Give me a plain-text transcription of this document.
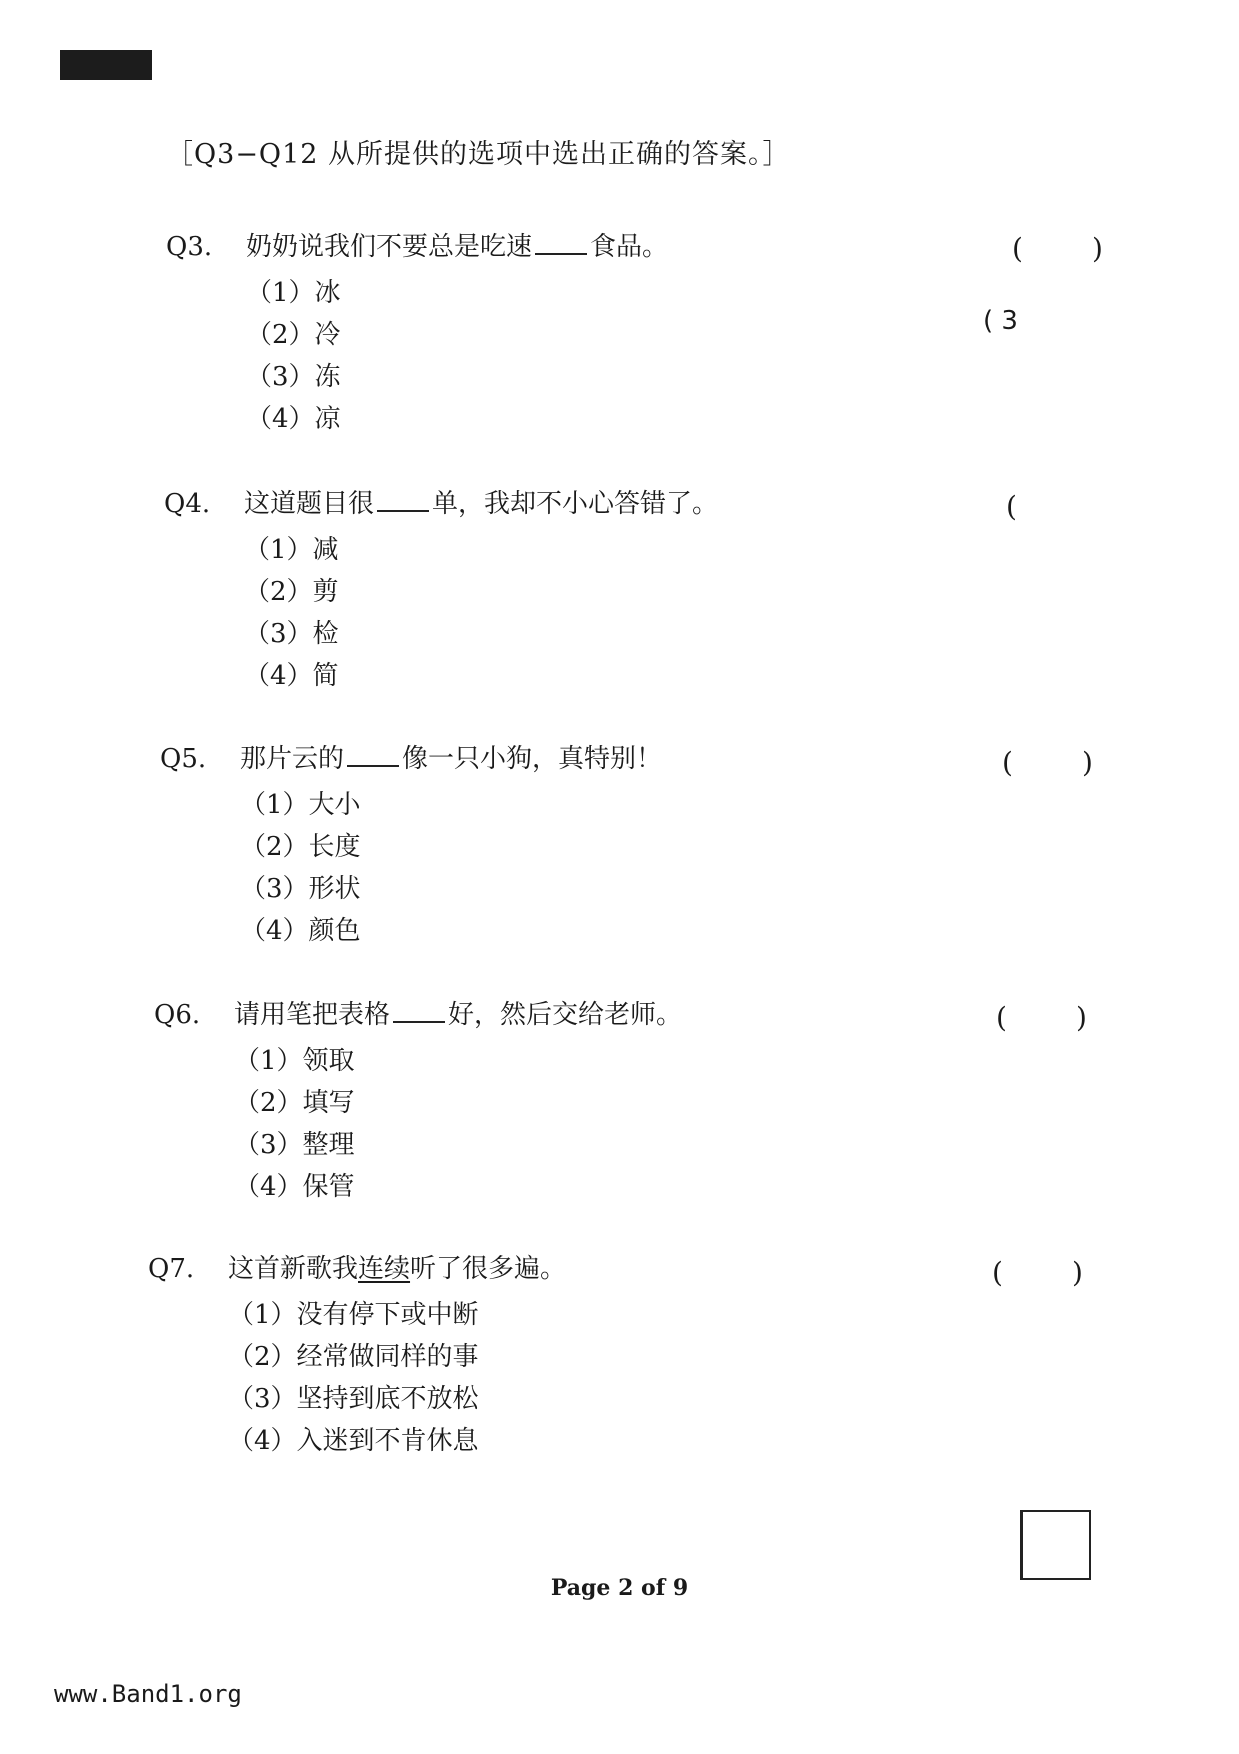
［Q3−Q12 从所提供的选项中选出正确的答案。］
Q3.	奶奶说我们不要总是吃速 食品。
（1）冰
（2）冷
（3）冻
（4）凉
( )
( 3
Q4.	这道题目很 单，我却不小心答错了。
（1）减
（2）剪
（3）检
（4）简
(
Q5.	那片云的 像一只小狗，真特别！
（1）大小
（2）长度
（3）形状
（4）颜色
( )
Q6.	请用笔把表格 好，然后交给老师。
（1）领取
（2）填写
（3）整理
（4）保管
( )
Q7.	这首新歌我 连续 听了很多遍。
（1）没有停下或中断
（2）经常做同样的事
（3）坚持到底不放松
（4）入迷到不肯休息
( )
Page 2 of 9
www.Band1.org
